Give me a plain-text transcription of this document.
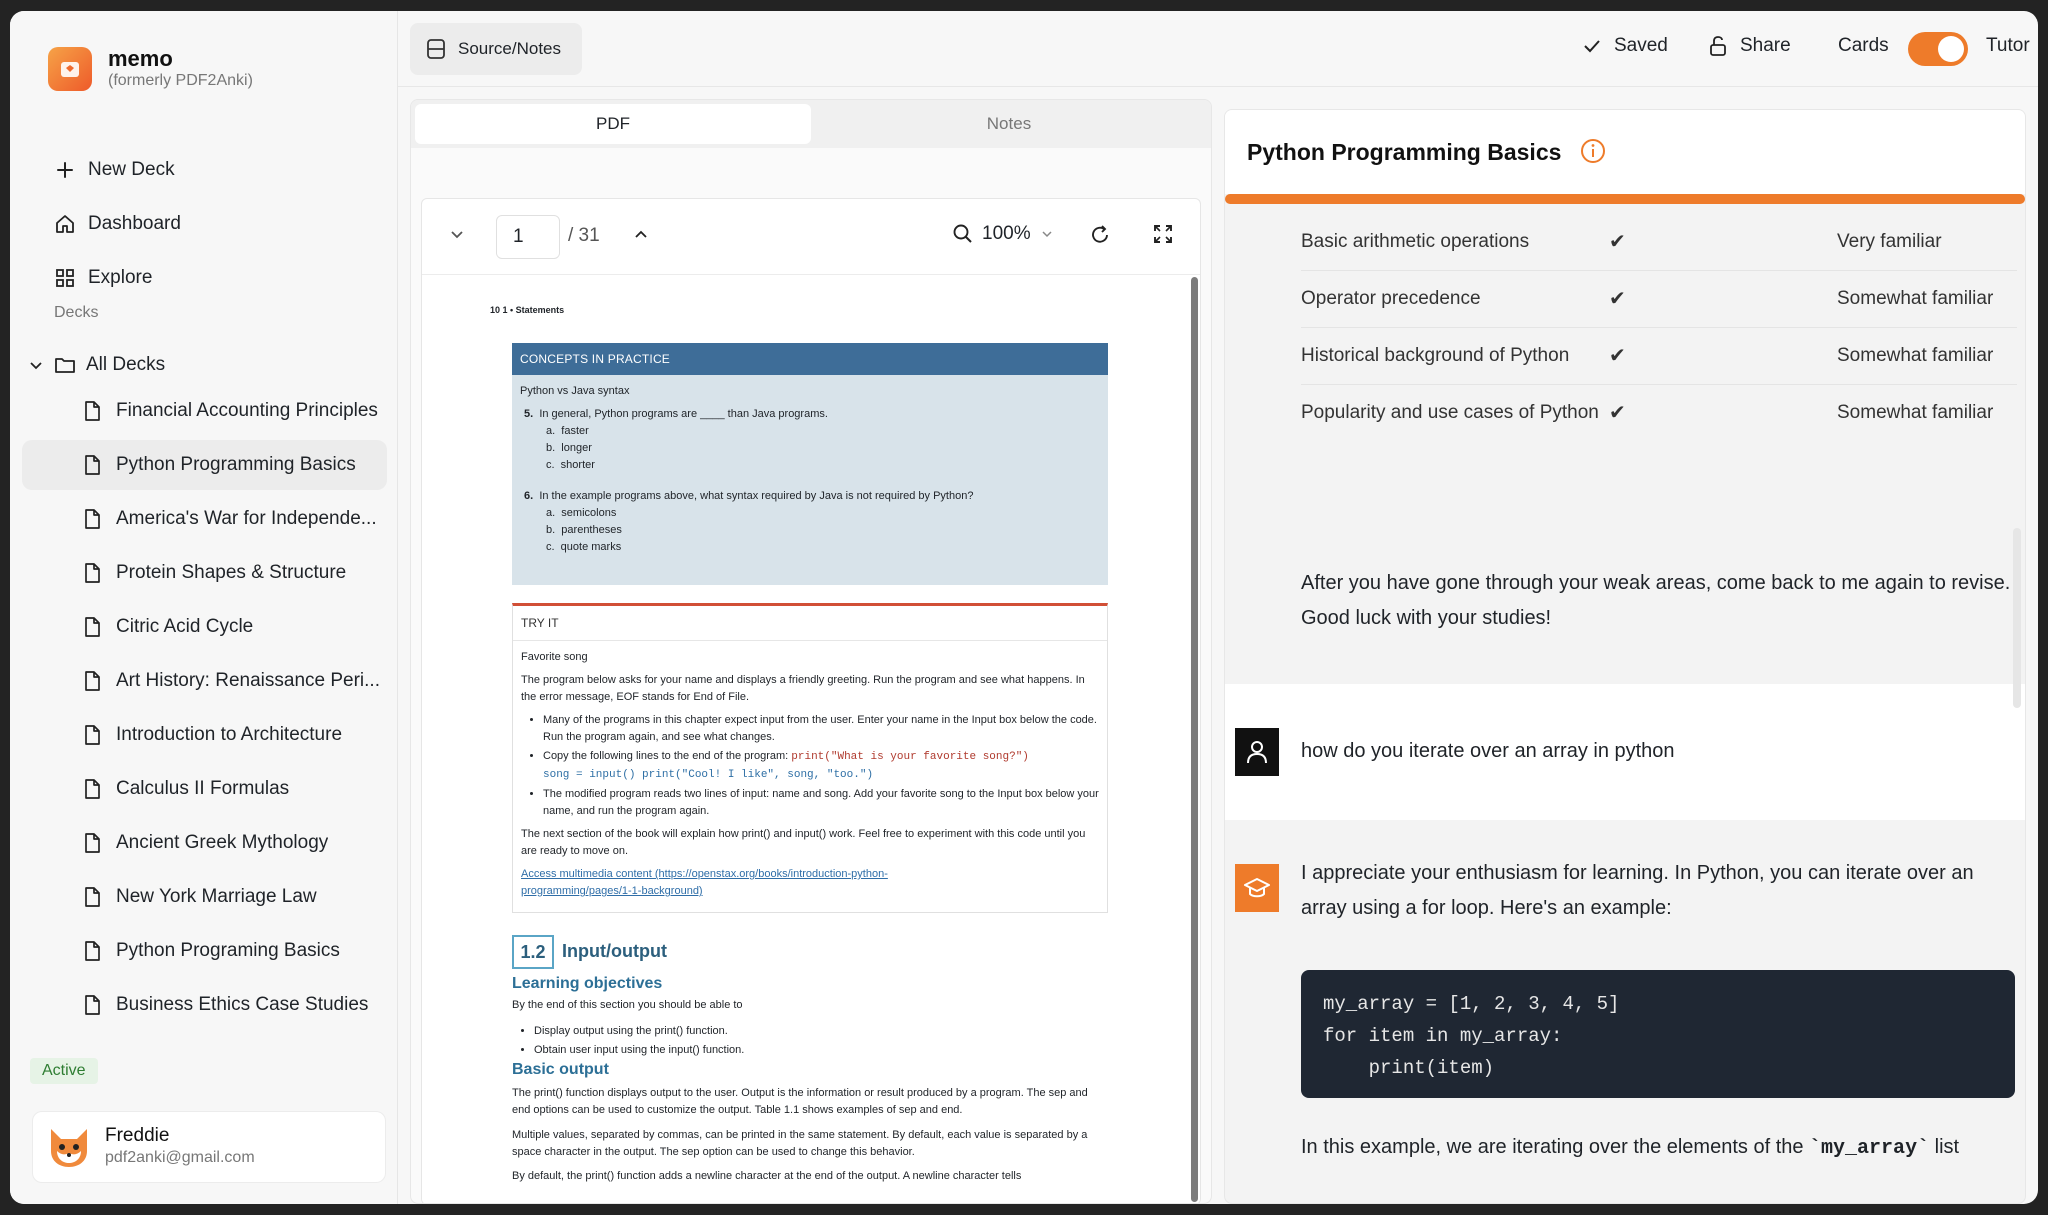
memo
(formerly PDF2Anki)
New Deck
Dashboard
Explore
Decks
All Decks
Financial Accounting Principles
Python Programming Basics
America's War for Independe...
Protein Shapes & Structure
Citric Acid Cycle
Art History: Renaissance Peri...
Introduction to Architecture
Calculus II Formulas
Ancient Greek Mythology
New York Marriage Law
Python Programing Basics
Business Ethics Case Studies
Active
Freddie
pdf2anki@gmail.com
Source/Notes	Saved	Share Cards	Tutor
PDF	Notes
1	/ 31	100%
10 1 • Statements
CONCEPTS IN PRACTICE
Python vs Java syntax
5. In general, Python programs are ____ than Java programs.
a.  faster
b.  longer
c.  shorter
6. In the example programs above, what syntax required by Java is not required by Python?
a.  semicolons
b.  parentheses
c.  quote marks
TRY IT
Favorite song
The program below asks for your name and displays a friendly greeting. Run the program and see what happens. In the error message, EOF stands for End of File.
• Many of the programs in this chapter expect input from the user. Enter your name in the Input box below the code. Run the program again, and see what changes.
• Copy the following lines to the end of the program: print("What is your favorite song?")
song = input() print("Cool! I like", song, "too.")
• The modified program reads two lines of input: name and song. Add your favorite song to the Input box below your name, and run the program again.
The next section of the book will explain how print() and input() work. Feel free to experiment with this code until you are ready to move on.
Access multimedia content (https://openstax.org/books/introduction-python-programming/pages/1-1-background)
1.2 Input/output
Learning objectives
By the end of this section you should be able to
• Display output using the print() function.
• Obtain user input using the input() function.
Basic output
The print() function displays output to the user. Output is the information or result produced by a program. The sep and end options can be used to customize the output. Table 1.1 shows examples of sep and end.
Multiple values, separated by commas, can be printed in the same statement. By default, each value is separated by a space character in the output. The sep option can be used to change this behavior.
By default, the print() function adds a newline character at the end of the output. A newline character tells
Python Programming Basics
Basic arithmetic operations	✔	Very familiar
Operator precedence	✔	Somewhat familiar
Historical background of Python	✔	Somewhat familiar
Popularity and use cases of Python ✔	Somewhat familiar
After you have gone through your weak areas, come back to me again to revise. Good luck with your studies!
how do you iterate over an array in python
I appreciate your enthusiasm for learning. In Python, you can iterate over an array using a for loop. Here's an example:
my_array = [1, 2, 3, 4, 5]
for item in my_array:
print(item)
In this example, we are iterating over the elements of the `my_array` list
